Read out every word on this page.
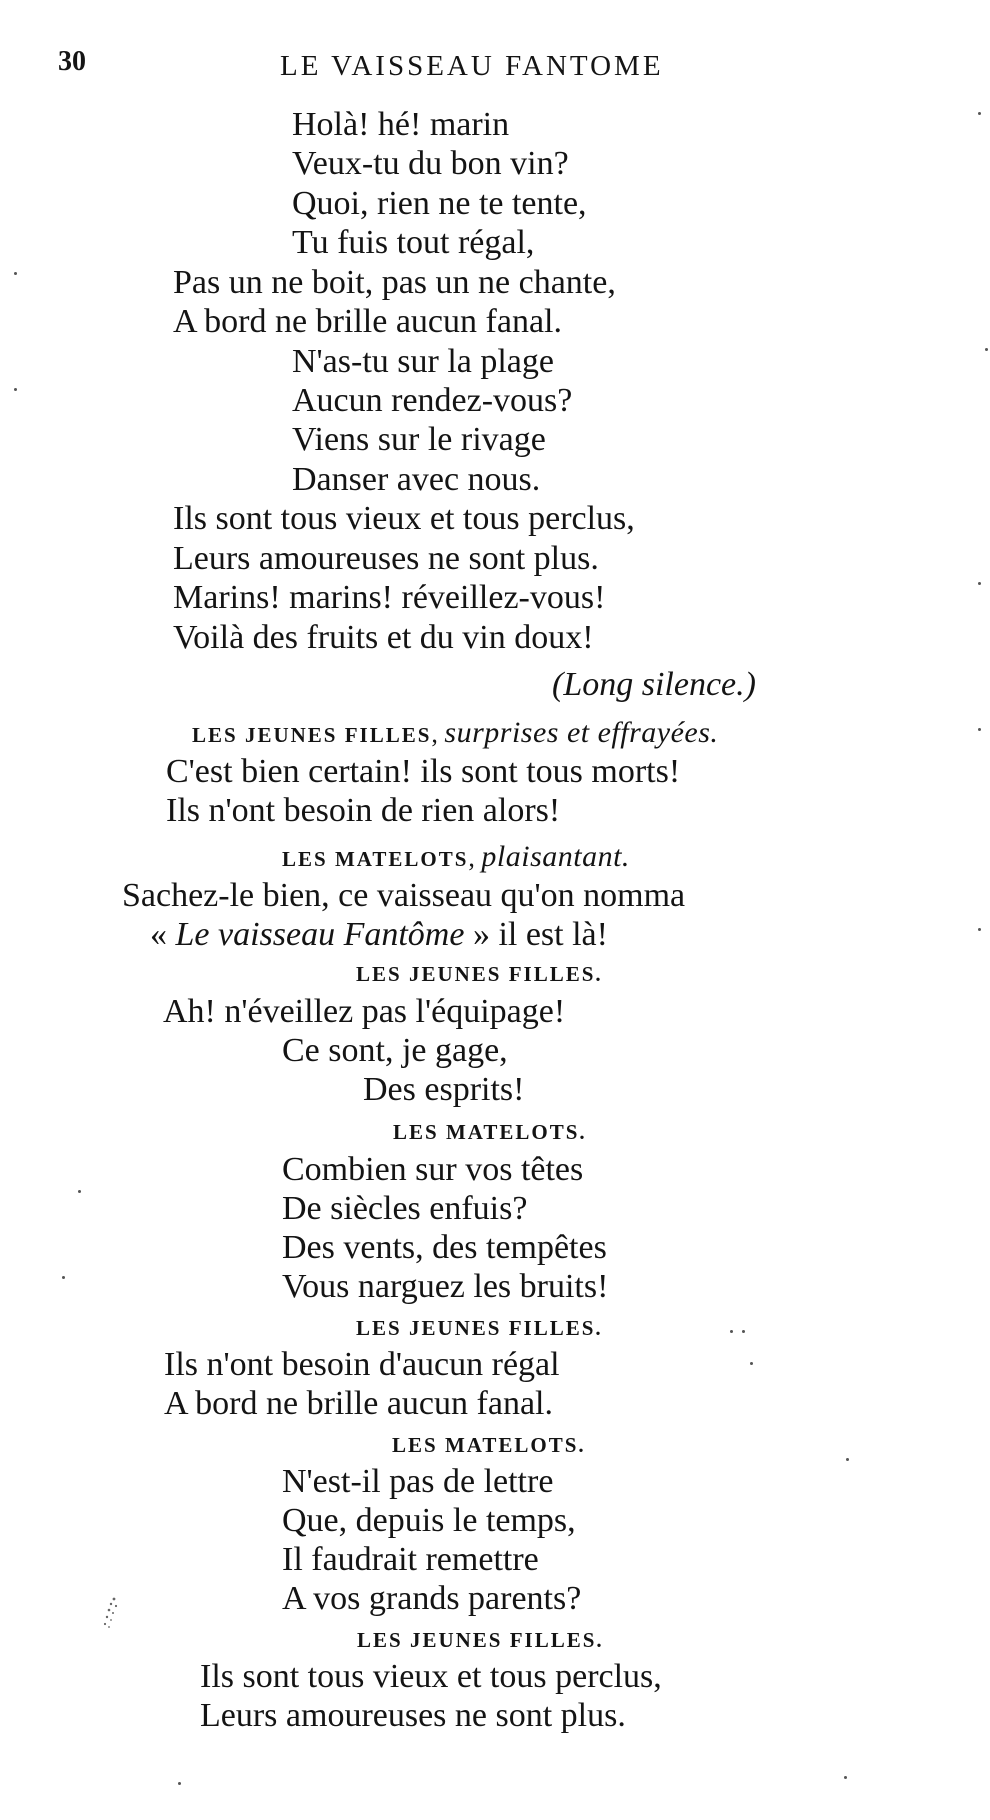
30	LE VAISSEAU FANTOME
Holà! hé! marin
Veux-tu du bon vin?
Quoi, rien ne te tente,
Tu fuis tout régal,
Pas un ne boit, pas un ne chante,
A bord ne brille aucun fanal.
N'as-tu sur la plage
Aucun rendez-vous?
Viens sur le rivage
Danser avec nous.
Ils sont tous vieux et tous perclus,
Leurs amoureuses ne sont plus.
Marins! marins! réveillez-vous!
Voilà des fruits et du vin doux!
(Long silence.)
LES JEUNES FILLES, surprises et effrayées.
C'est bien certain! ils sont tous morts!
Ils n'ont besoin de rien alors!
LES MATELOTS, plaisantant.
Sachez-le bien, ce vaisseau qu'on nomma
« Le vaisseau Fantôme » il est là!
LES JEUNES FILLES.
Ah! n'éveillez pas l'équipage!
Ce sont, je gage,
Des esprits!
LES MATELOTS.
Combien sur vos têtes
De siècles enfuis?
Des vents, des tempêtes
Vous narguez les bruits!
LES JEUNES FILLES.
Ils n'ont besoin d'aucun régal
A bord ne brille aucun fanal.
LES MATELOTS.
N'est-il pas de lettre
Que, depuis le temps,
Il faudrait remettre
A vos grands parents?
LES JEUNES FILLES.
Ils sont tous vieux et tous perclus,
Leurs amoureuses ne sont plus.
